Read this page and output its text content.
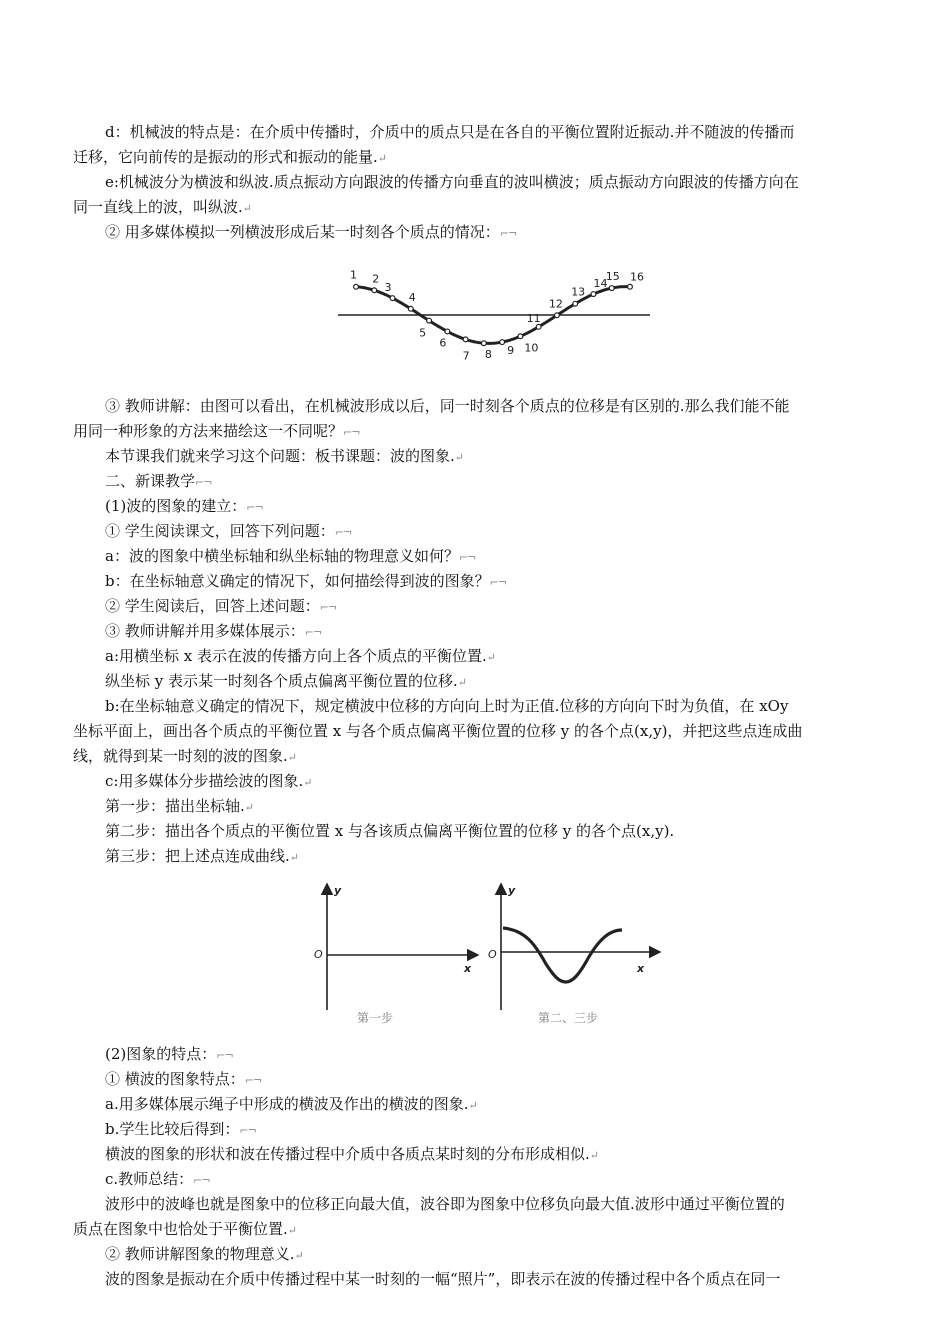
d：机械波的特点是：在介质中传播时，介质中的质点只是在各自的平衡位置附近振动.并不随波的传播而
迁移，它向前传的是振动的形式和振动的能量.↵
e:机械波分为横波和纵波.质点振动方向跟波的传播方向垂直的波叫横波；质点振动方向跟波的传播方向在
同一直线上的波，叫纵波.↵
② 用多媒体模拟一列横波形成后某一时刻各个质点的情况：⌐¬
1 2
3
4
5
6
7 8 9 10
11
12
13
14
15 16
③ 教师讲解：由图可以看出，在机械波形成以后，同一时刻各个质点的位移是有区别的.那么我们能不能
用同一种形象的方法来描绘这一不同呢？⌐¬
本节课我们就来学习这个问题：板书课题：波的图象.↵
二、新课教学⌐¬
(1)波的图象的建立：⌐¬
① 学生阅读课文，回答下列问题：⌐¬
a：波的图象中横坐标轴和纵坐标轴的物理意义如何？⌐¬
b：在坐标轴意义确定的情况下，如何描绘得到波的图象？⌐¬
② 学生阅读后，回答上述问题：⌐¬
③ 教师讲解并用多媒体展示：⌐¬
a:用横坐标 x 表示在波的传播方向上各个质点的平衡位置.↵
纵坐标 y 表示某一时刻各个质点偏离平衡位置的位移.↵
b:在坐标轴意义确定的情况下，规定横波中位移的方向向上时为正值.位移的方向向下时为负值，在 xOy
坐标平面上，画出各个质点的平衡位置 x 与各个质点偏离平衡位置的位移 y 的各个点(x,y)，并把这些点连成曲
线，就得到某一时刻的波的图象.↵
c:用多媒体分步描绘波的图象.↵
第一步：描出坐标轴.↵
第二步：描出各个质点的平衡位置 x 与各该质点偏离平衡位置的位移 y 的各个点(x,y).
第三步：把上述点连成曲线.↵
y
x
O
第一步
y
x
O
第二、三步
(2)图象的特点：⌐¬
① 横波的图象特点：⌐¬
a.用多媒体展示绳子中形成的横波及作出的横波的图象.↵
b.学生比较后得到：⌐¬
横波的图象的形状和波在传播过程中介质中各质点某时刻的分布形成相似.↵
c.教师总结：⌐¬
波形中的波峰也就是图象中的位移正向最大值，波谷即为图象中位移负向最大值.波形中通过平衡位置的
质点在图象中也恰处于平衡位置.↵
② 教师讲解图象的物理意义.↵
波的图象是振动在介质中传播过程中某一时刻的一幅“照片”，即表示在波的传播过程中各个质点在同一
